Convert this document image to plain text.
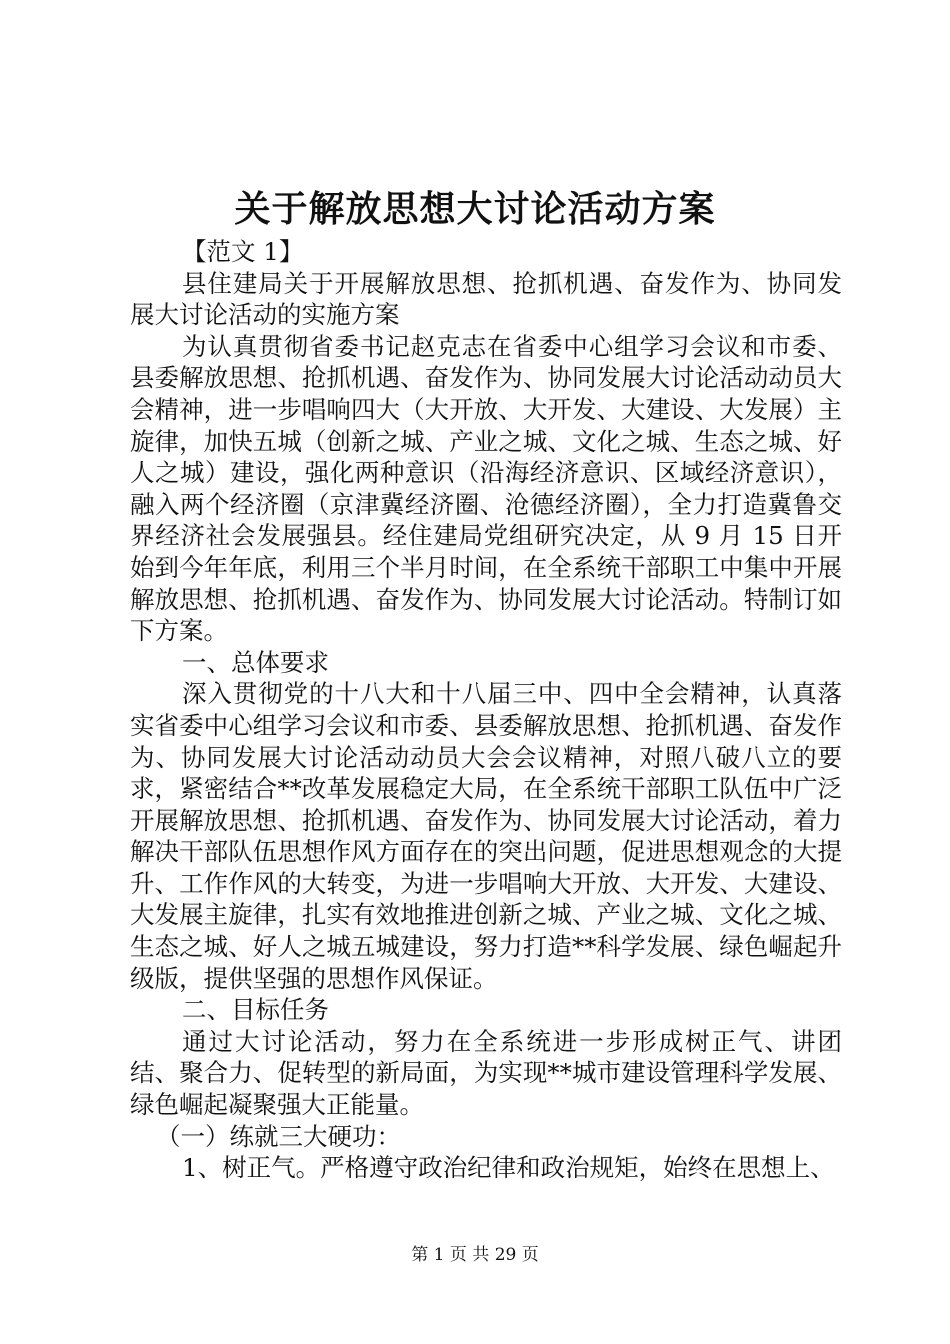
关于解放思想大讨论活动方案

【范文 1】

县住建局关于开展解放思想、抢抓机遇、奋发作为、协同发展大讨论活动的实施方案

为认真贯彻省委书记赵克志在省委中心组学习会议和市委、县委解放思想、抢抓机遇、奋发作为、协同发展大讨论活动动员大会精神，进一步唱响四大（大开放、大开发、大建设、大发展）主旋律，加快五城（创新之城、产业之城、文化之城、生态之城、好人之城）建设，强化两种意识（沿海经济意识、区域经济意识），融入两个经济圈（京津冀经济圈、沧德经济圈），全力打造冀鲁交界经济社会发展强县。经住建局党组研究决定，从 9 月 15 日开始到今年年底，利用三个半月时间，在全系统干部职工中集中开展解放思想、抢抓机遇、奋发作为、协同发展大讨论活动。特制订如下方案。

一、总体要求

深入贯彻党的十八大和十八届三中、四中全会精神，认真落实省委中心组学习会议和市委、县委解放思想、抢抓机遇、奋发作为、协同发展大讨论活动动员大会会议精神，对照八破八立的要求，紧密结合**改革发展稳定大局，在全系统干部职工队伍中广泛开展解放思想、抢抓机遇、奋发作为、协同发展大讨论活动，着力解决干部队伍思想作风方面存在的突出问题，促进思想观念的大提升、工作作风的大转变，为进一步唱响大开放、大开发、大建设、大发展主旋律，扎实有效地推进创新之城、产业之城、文化之城、生态之城、好人之城五城建设，努力打造**科学发展、绿色崛起升级版，提供坚强的思想作风保证。

二、目标任务

通过大讨论活动，努力在全系统进一步形成树正气、讲团结、聚合力、促转型的新局面，为实现**城市建设管理科学发展、绿色崛起凝聚强大正能量。

（一）练就三大硬功：

1、树正气。严格遵守政治纪律和政治规矩，始终在思想上、

第 1 页 共 29 页
